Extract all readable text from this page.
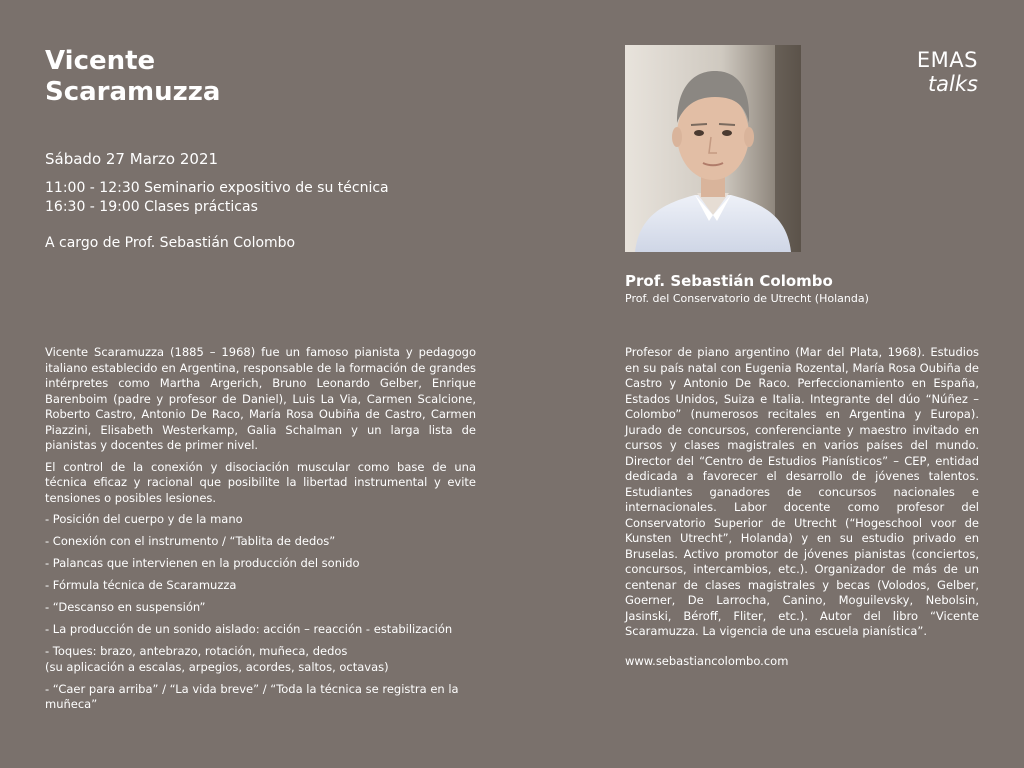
Vicente
Scaramuzza
Sábado 27 Marzo 2021
11:00 - 12:30 Seminario expositivo de su técnica
16:30 - 19:00 Clases prácticas
A cargo de Prof. Sebastián Colombo
EMAS
talks
Prof. Sebastián Colombo
Prof. del Conservatorio de Utrecht (Holanda)

Vicente Scaramuzza (1885 – 1968) fue un famoso pianista y pedagogo italiano establecido en Argentina, responsable de la formación de grandes intérpretes como Martha Argerich, Bruno Leonardo Gelber, Enrique Barenboim (padre y profesor de Daniel), Luis La Via, Carmen Scalcione, Roberto Castro, Antonio De Raco, María Rosa Oubiña de Castro, Carmen Piazzini, Elisabeth Westerkamp, Galia Schalman y un larga lista de pianistas y docentes de primer nivel.

El control de la conexión y disociación muscular como base de una técnica eficaz y racional que posibilite la libertad instrumental y evite tensiones o posibles lesiones.

- Posición del cuerpo y de la mano
- Conexión con el instrumento / “Tablita de dedos”
- Palancas que intervienen en la producción del sonido
- Fórmula técnica de Scaramuzza
- “Descanso en suspensión”
- La producción de un sonido aislado: acción – reacción - estabilización
- Toques: brazo, antebrazo, rotación, muñeca, dedos
(su aplicación a escalas, arpegios, acordes, saltos, octavas)
- “Caer para arriba” / “La vida breve” / “Toda la técnica se registra en la muñeca”

Profesor de piano argentino (Mar del Plata, 1968). Estudios en su país natal con Eugenia Rozental, María Rosa Oubiña de Castro y Antonio De Raco. Perfeccionamiento en España, Estados Unidos, Suiza e Italia. Integrante del dúo “Núñez – Colombo” (numerosos recitales en Argentina y Europa). Jurado de concursos, conferenciante y maestro invitado en cursos y clases magistrales en varios países del mundo. Director del “Centro de Estudios Pianísticos” – CEP, entidad dedicada a favorecer el desarrollo de jóvenes talentos. Estudiantes ganadores de concursos nacionales e internacionales. Labor docente como profesor del Conservatorio Superior de Utrecht (“Hogeschool voor de Kunsten Utrecht”, Holanda) y en su estudio privado en Bruselas. Activo promotor de jóvenes pianistas (conciertos, concursos, intercambios, etc.). Organizador de más de un centenar de clases magistrales y becas (Volodos, Gelber, Goerner, De Larrocha, Canino, Moguilevsky, Nebolsin, Jasinski, Béroff, Fliter, etc.). Autor del libro “Vicente Scaramuzza. La vigencia de una escuela pianística”.

www.sebastiancolombo.com
